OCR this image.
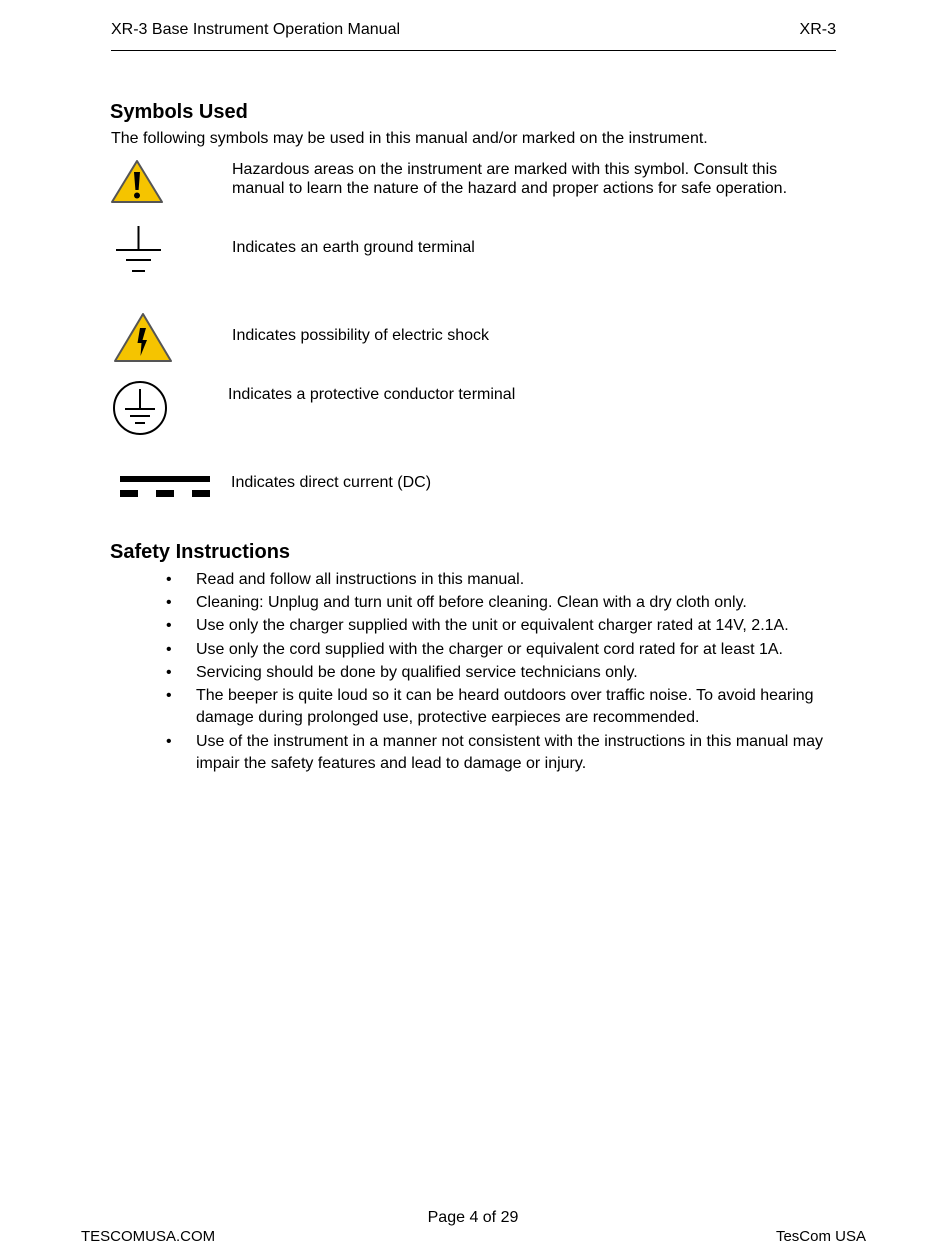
XR-3 Base Instrument Operation Manual	XR-3
Symbols Used
The following symbols may be used in this manual and/or marked on the instrument.
Hazardous areas on the instrument are marked with this symbol. Consult this manual to learn the nature of the hazard and proper actions for safe operation.
Indicates an earth ground terminal
Indicates possibility of electric shock
Indicates a protective conductor terminal
Indicates direct current (DC)
Safety Instructions
• Read and follow all instructions in this manual.
• Cleaning: Unplug and turn unit off before cleaning. Clean with a dry cloth only.
• Use only the charger supplied with the unit or equivalent charger rated at 14V, 2.1A.
• Use only the cord supplied with the charger or equivalent cord rated for at least 1A.
• Servicing should be done by qualified service technicians only.
• The beeper is quite loud so it can be heard outdoors over traffic noise. To avoid hearing damage during prolonged use, protective earpieces are recommended.
• Use of the instrument in a manner not consistent with the instructions in this manual may impair the safety features and lead to damage or injury.
Page 4 of 29
TESCOMUSA.COM	TesCom USA
